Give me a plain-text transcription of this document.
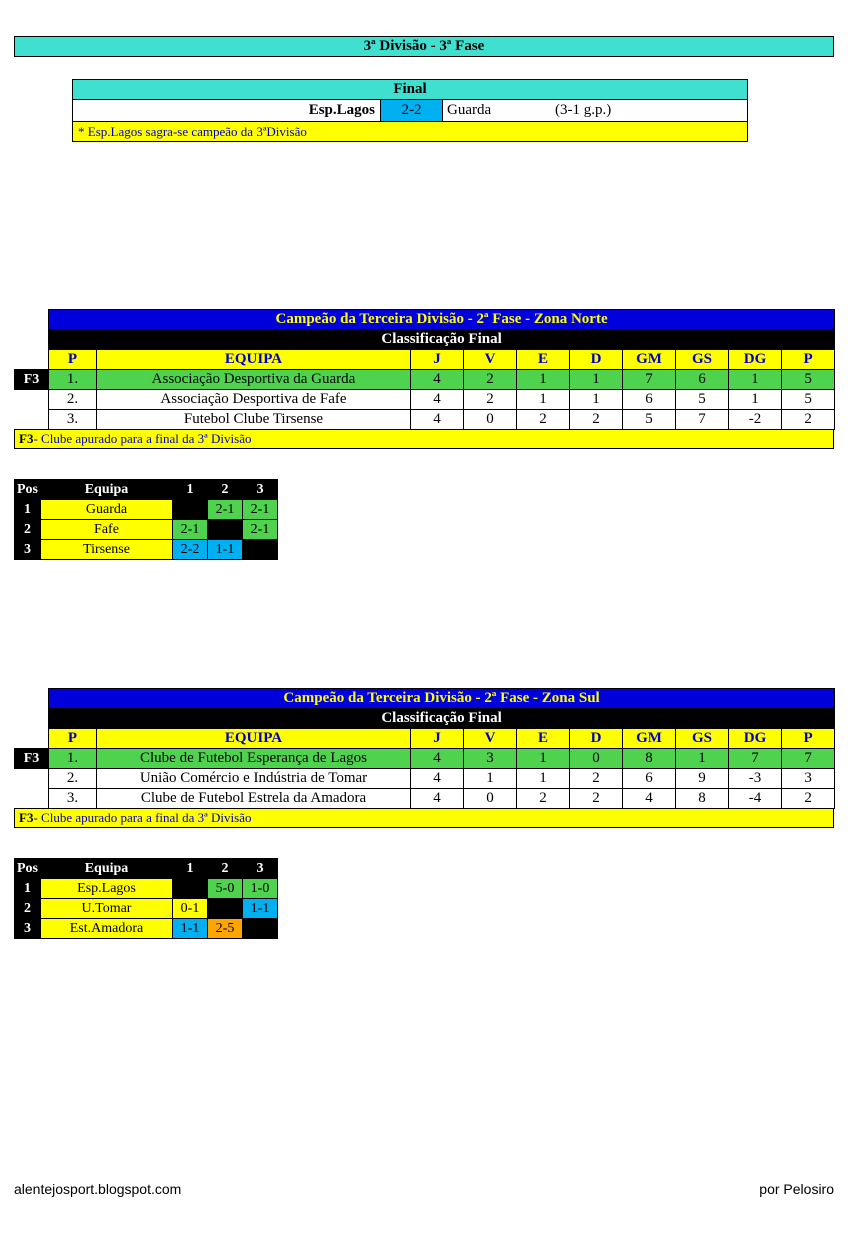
3ª Divisão - 3ª Fase
Final
Esp.Lagos	2-2	Guarda	(3-1 g.p.)
* Esp.Lagos sagra-se campeão da 3ªDivisão
	Campeão da Terceira Divisão - 2ª Fase - Zona Norte									
	Classificação Final									
	P	EQUIPA	J	V	E	D	GM	GS	DG	P
F3	1.	Associação Desportiva da Guarda	4	2	1	1	7	6	1	5
	2.	Associação Desportiva de Fafe	4	2	1	1	6	5	1	5
	3.	Futebol Clube Tirsense	4	0	2	2	5	7	-2	2
F3 - Clube apurado para a final da 3ª Divisão
Pos	Equipa	1	2	3
1	Guarda		2-1	2-1
2	Fafe	2-1		2-1
3	Tirsense	2-2	1-1	
	Campeão da Terceira Divisão - 2ª Fase - Zona Sul									
	Classificação Final									
	P	EQUIPA	J	V	E	D	GM	GS	DG	P
F3	1.	Clube de Futebol Esperança de Lagos	4	3	1	0	8	1	7	7
	2.	União Comércio e Indústria de Tomar	4	1	1	2	6	9	-3	3
	3.	Clube de Futebol Estrela da Amadora	4	0	2	2	4	8	-4	2
F3 - Clube apurado para a final da 3ª Divisão
Pos	Equipa	1	2	3
1	Esp.Lagos		5-0	1-0
2	U.Tomar	0-1		1-1
3	Est.Amadora	1-1	2-5	
alentejosport.blogspot.com	por Pelosiro
